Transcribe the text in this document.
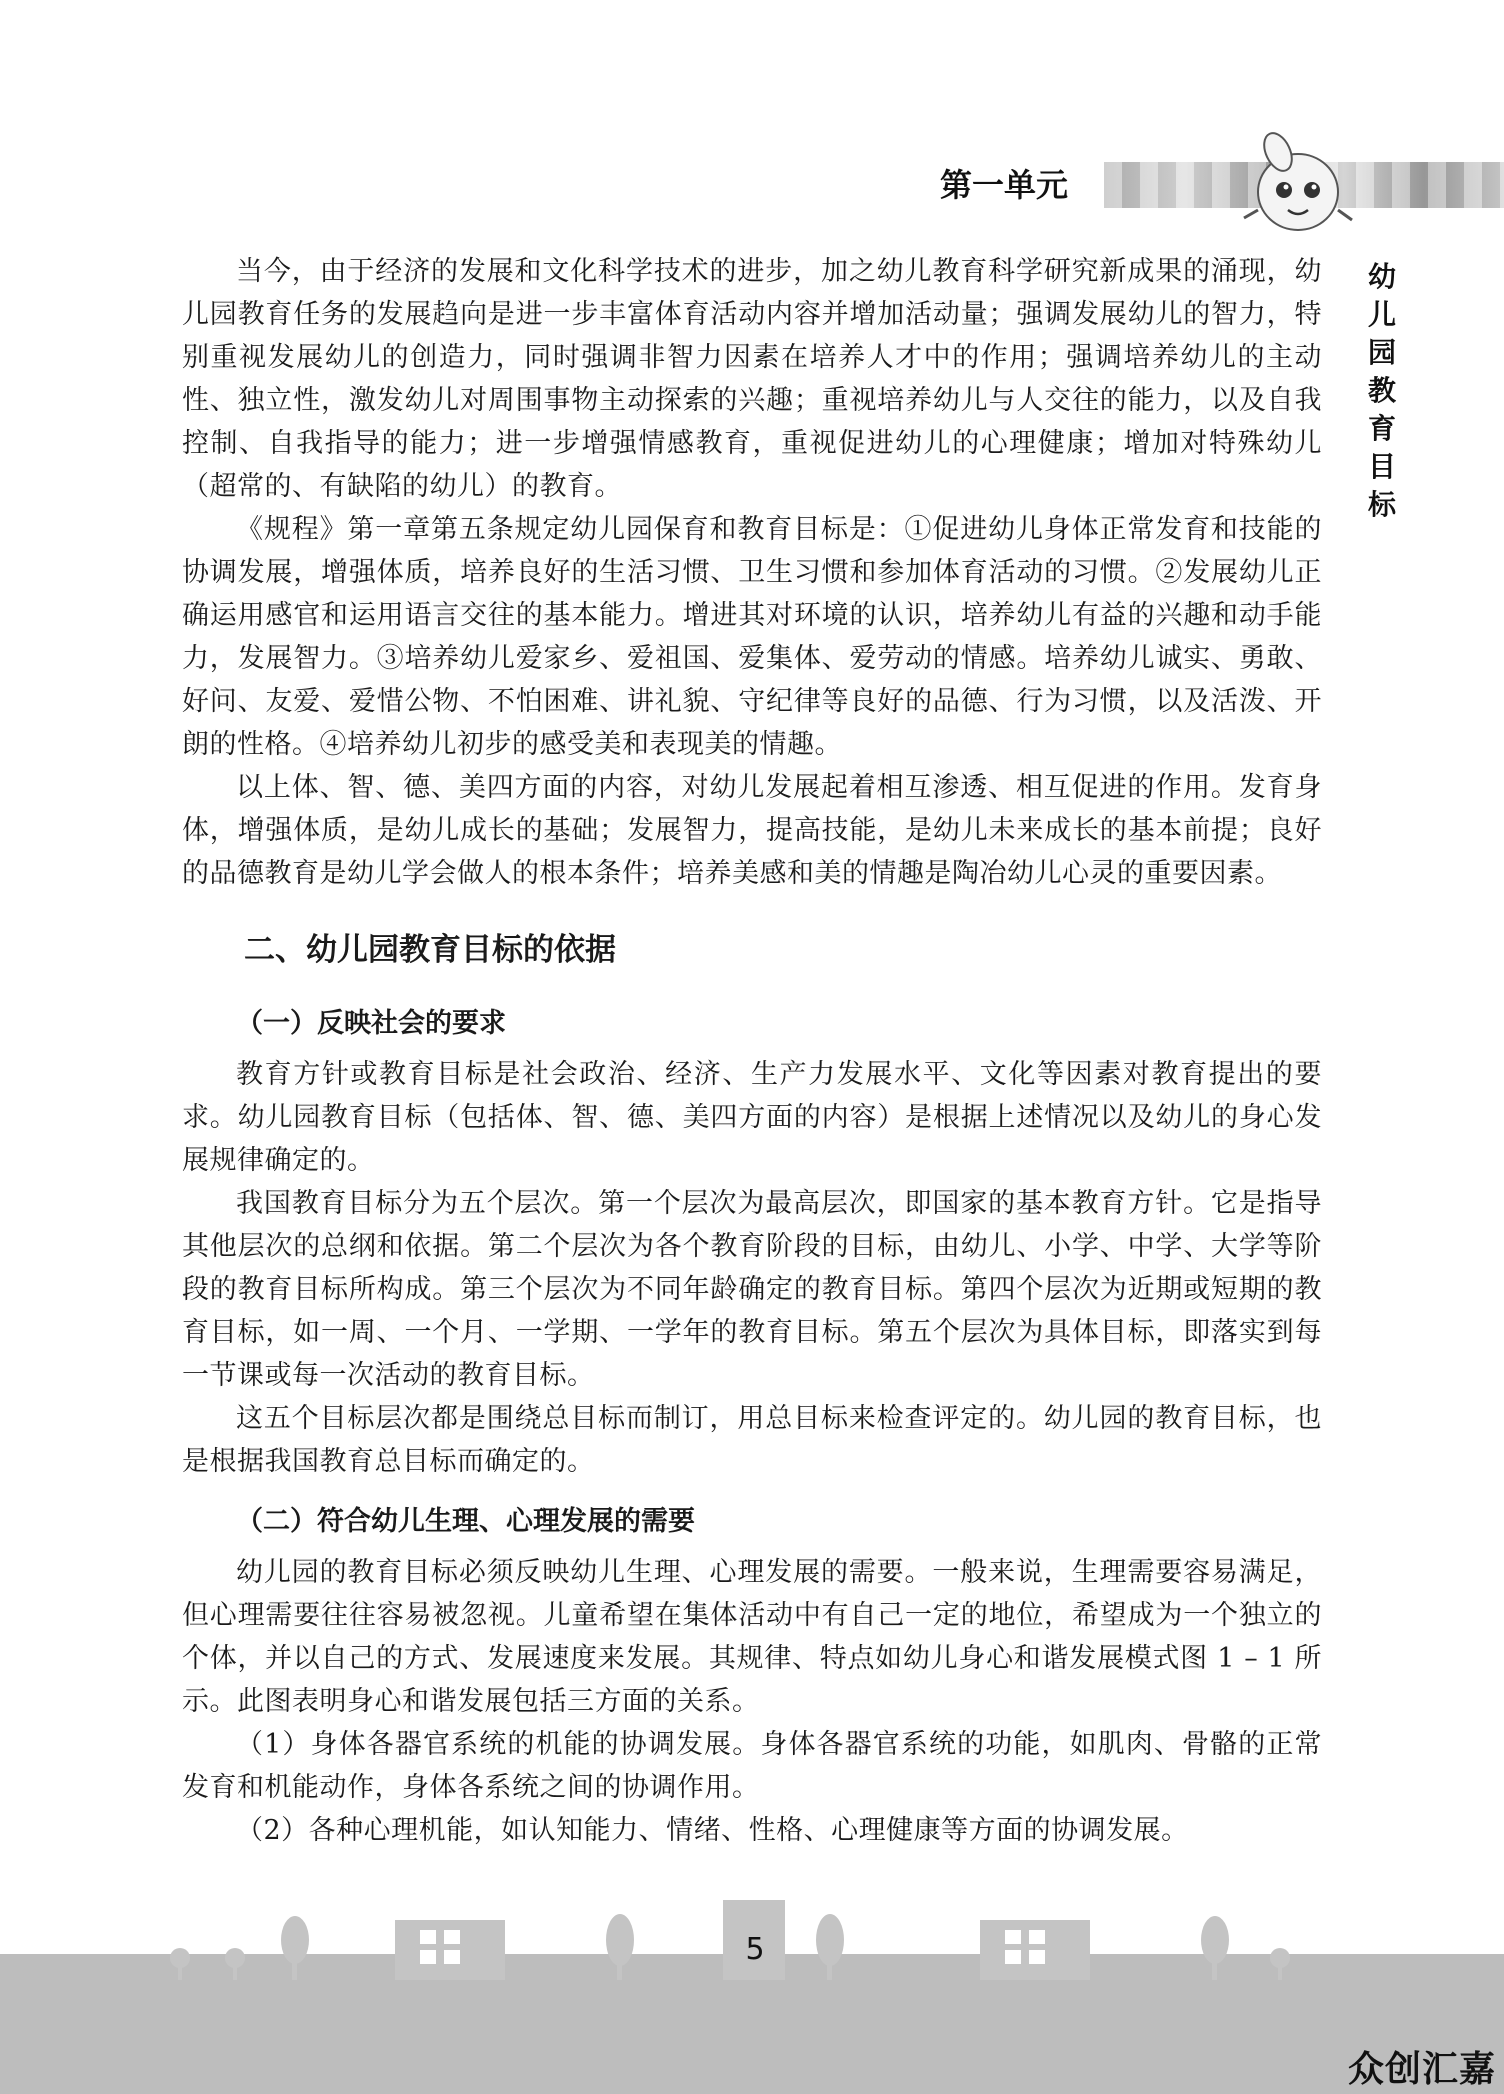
第一单元
幼儿园教育目标

当今，由于经济的发展和文化科学技术的进步，加之幼儿教育科学研究新成果的涌现，幼儿园教育任务的发展趋向是进一步丰富体育活动内容并增加活动量；强调发展幼儿的智力，特别重视发展幼儿的创造力，同时强调非智力因素在培养人才中的作用；强调培养幼儿的主动性、独立性，激发幼儿对周围事物主动探索的兴趣；重视培养幼儿与人交往的能力，以及自我控制、自我指导的能力；进一步增强情感教育，重视促进幼儿的心理健康；增加对特殊幼儿（超常的、有缺陷的幼儿）的教育。

《规程》第一章第五条规定幼儿园保育和教育目标是：①促进幼儿身体正常发育和技能的协调发展，增强体质，培养良好的生活习惯、卫生习惯和参加体育活动的习惯。②发展幼儿正确运用感官和运用语言交往的基本能力。增进其对环境的认识，培养幼儿有益的兴趣和动手能力，发展智力。③培养幼儿爱家乡、爱祖国、爱集体、爱劳动的情感。培养幼儿诚实、勇敢、好问、友爱、爱惜公物、不怕困难、讲礼貌、守纪律等良好的品德、行为习惯，以及活泼、开朗的性格。④培养幼儿初步的感受美和表现美的情趣。

以上体、智、德、美四方面的内容，对幼儿发展起着相互渗透、相互促进的作用。发育身体，增强体质，是幼儿成长的基础；发展智力，提高技能，是幼儿未来成长的基本前提；良好的品德教育是幼儿学会做人的根本条件；培养美感和美的情趣是陶冶幼儿心灵的重要因素。

二、幼儿园教育目标的依据
（一）反映社会的要求

教育方针或教育目标是社会政治、经济、生产力发展水平、文化等因素对教育提出的要求。幼儿园教育目标（包括体、智、德、美四方面的内容）是根据上述情况以及幼儿的身心发展规律确定的。

我国教育目标分为五个层次。第一个层次为最高层次，即国家的基本教育方针。它是指导其他层次的总纲和依据。第二个层次为各个教育阶段的目标，由幼儿、小学、中学、大学等阶段的教育目标所构成。第三个层次为不同年龄确定的教育目标。第四个层次为近期或短期的教育目标，如一周、一个月、一学期、一学年的教育目标。第五个层次为具体目标，即落实到每一节课或每一次活动的教育目标。

这五个目标层次都是围绕总目标而制订，用总目标来检查评定的。幼儿园的教育目标，也是根据我国教育总目标而确定的。

（二）符合幼儿生理、心理发展的需要

幼儿园的教育目标必须反映幼儿生理、心理发展的需要。一般来说，生理需要容易满足，但心理需要往往容易被忽视。儿童希望在集体活动中有自己一定的地位，希望成为一个独立的个体，并以自己的方式、发展速度来发展。其规律、特点如幼儿身心和谐发展模式图 1 – 1 所示。此图表明身心和谐发展包括三方面的关系。

（1）身体各器官系统的机能的协调发展。身体各器官系统的功能，如肌肉、骨骼的正常发育和机能动作，身体各系统之间的协调作用。

（2）各种心理机能，如认知能力、情绪、性格、心理健康等方面的协调发展。

5
众创汇嘉
